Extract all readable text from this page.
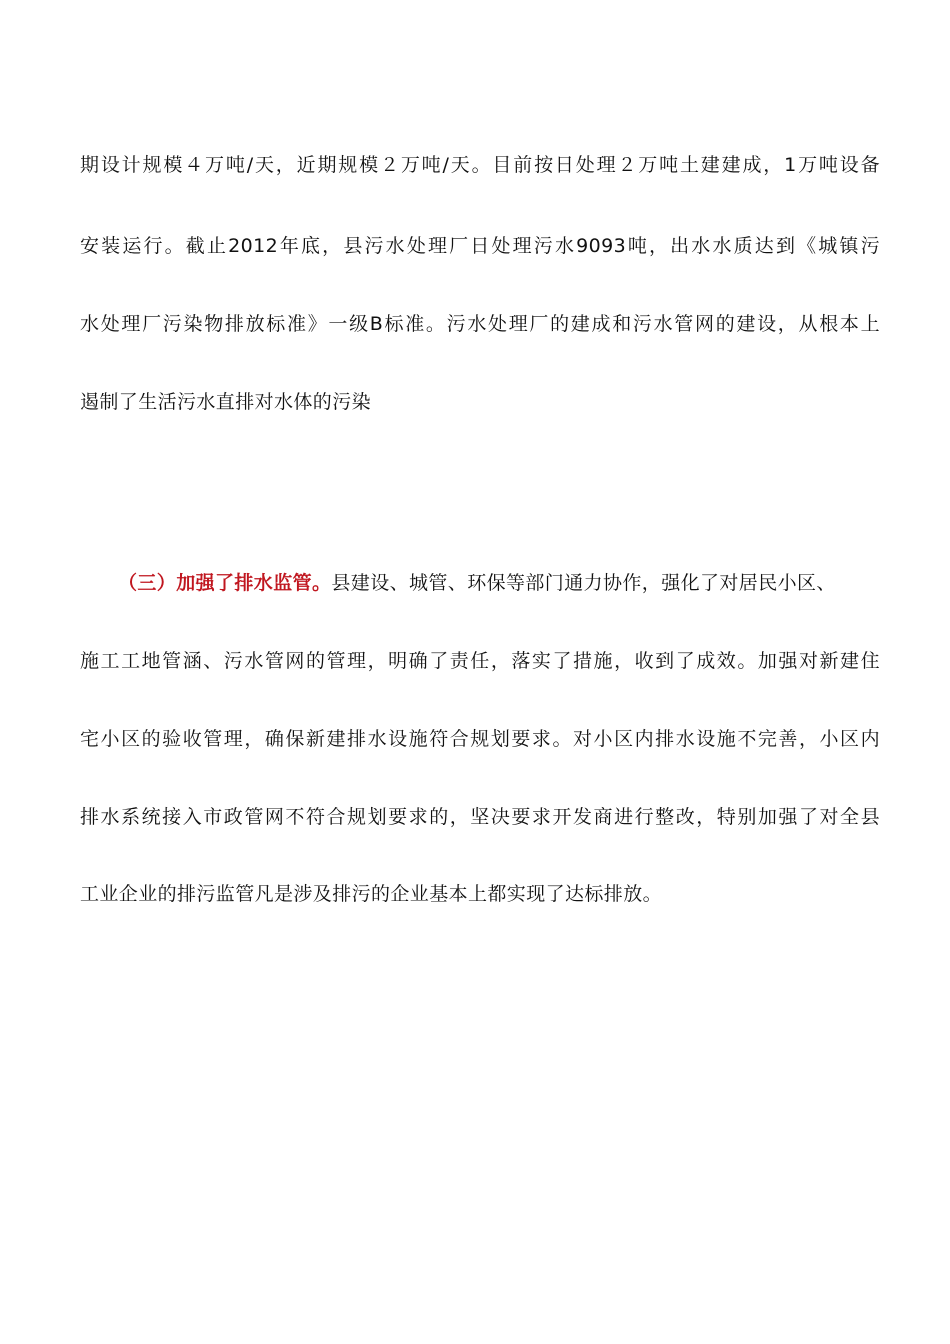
期设计规模４万吨/天，近期规模２万吨/天。目前按日处理２万吨土建建成，1万吨设备
安装运行。截止2012年底，县污水处理厂日处理污水9093吨，出水水质达到《城镇污
水处理厂污染物排放标准》一级B标准。污水处理厂的建成和污水管网的建设，从根本上
遏制了生活污水直排对水体的污染
（三）加强了排水监管。县建设、城管、环保等部门通力协作，强化了对居民小区、
施工工地管涵、污水管网的管理，明确了责任，落实了措施，收到了成效。加强对新建住
宅小区的验收管理，确保新建排水设施符合规划要求。对小区内排水设施不完善，小区内
排水系统接入市政管网不符合规划要求的，坚决要求开发商进行整改，特别加强了对全县
工业企业的排污监管凡是涉及排污的企业基本上都实现了达标排放。
